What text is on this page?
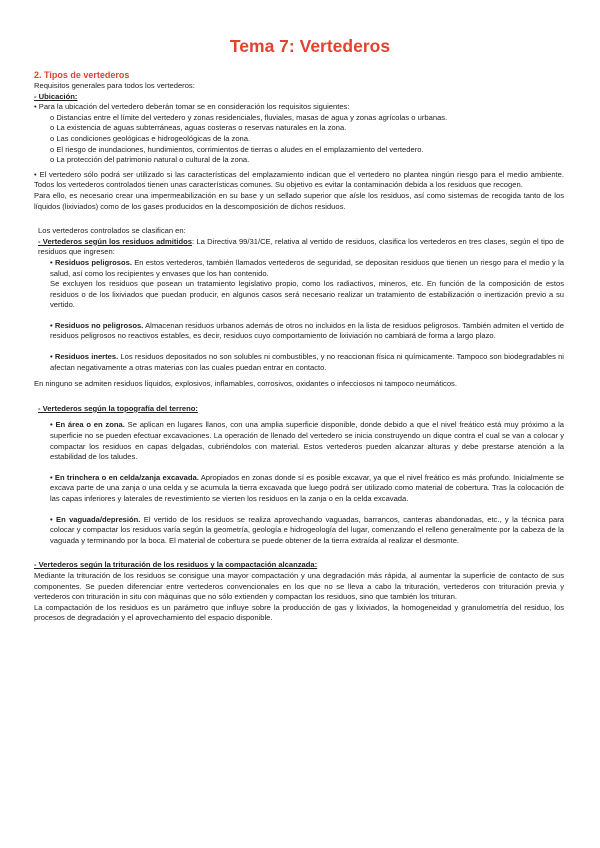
Tema 7: Vertederos
2. Tipos de vertederos

Requisitos generales para todos los vertederos:

- Ubicación:

• Para la ubicación del vertedero deberán tomar se en consideración los requisitos siguientes:

o Distancias entre el límite del vertedero y zonas residenciales, fluviales, masas de agua y zonas agrícolas o urbanas.
o La existencia de aguas subterráneas, aguas costeras o reservas naturales en la zona.
o Las condiciones geológicas e hidrogeológicas de la zona.
o El riesgo de inundaciones, hundimientos, corrimientos de tierras o aludes en el emplazamiento del vertedero.
o La protección del patrimonio natural o cultural de la zona.

• El vertedero sólo podrá ser utilizado si las características del emplazamiento indican que el vertedero no plantea ningún riesgo para el medio ambiente. Todos los vertederos controlados tienen unas características comunes. Su objetivo es evitar la contaminación debida a los residuos que recogen.

Para ello, es necesario crear una impermeabilización en su base y un sellado superior que aísle los residuos, así como sistemas de recogida tanto de los líquidos (lixiviados) como de los gases producidos en la descomposición de dichos residuos.

Los vertederos controlados se clasifican en:

- Vertederos según los residuos admitidos: La Directiva 99/31/CE, relativa al vertido de residuos, clasifica los vertederos en tres clases, según el tipo de residuos que ingresen:

• Residuos peligrosos. En estos vertederos, también llamados vertederos de seguridad, se depositan residuos que tienen un riesgo para el medio y la salud, así como los recipientes y envases que los han contenido.

Se excluyen los residuos que posean un tratamiento legislativo propio, como los radiactivos, mineros, etc. En función de la composición de estos residuos o de los lixiviados que puedan producir, en algunos casos será necesario realizar un tratamiento de estabilización o inertización previo a su vertido.

• Residuos no peligrosos. Almacenan residuos urbanos además de otros no incluidos en la lista de residuos peligrosos. También admiten el vertido de residuos peligrosos no reactivos estables, es decir, residuos cuyo comportamiento de lixiviación no cambiará de forma a largo plazo.

• Residuos inertes. Los residuos depositados no son solubles ni combustibles, y no reaccionan física ni químicamente. Tampoco son biodegradables ni afectan negativamente a otras materias con las cuales puedan entrar en contacto.

En ninguno se admiten residuos líquidos, explosivos, inflamables, corrosivos, oxidantes o infecciosos ni tampoco neumáticos.

- Vertederos según la topografía del terreno:

• En área o en zona. Se aplican en lugares llanos, con una amplia superficie disponible, donde debido a que el nivel freático está muy próximo a la superficie no se pueden efectuar excavaciones. La operación de llenado del vertedero se inicia construyendo un dique contra el cual se van a colocar y compactar los residuos en capas delgadas, cubriéndolos con material. Estos vertederos pueden alcanzar alturas y debe prestarse atención a la estabilidad de los taludes.

• En trinchera o en celda/zanja excavada. Apropiados en zonas donde sí es posible excavar, ya que el nivel freático es más profundo. Inicialmente se excava parte de una zanja o una celda y se acumula la tierra excavada que luego podrá ser utilizado como material de cobertura. Tras la colocación de las capas inferiores y laterales de revestimiento se vierten los residuos en la zanja o en la celda excavada.

• En vaguada/depresión. El vertido de los residuos se realiza aprovechando vaguadas, barrancos, canteras abandonadas, etc., y la técnica para colocar y compactar los residuos varía según la geometría, geología e hidrogeología del lugar, comenzando el relleno generalmente por la cabeza de la vaguada y terminando por la boca. El material de cobertura se puede obtener de la tierra extraída al realizar el desmonte.

- Vertederos según la trituración de los residuos y la compactación alcanzada:

Mediante la trituración de los residuos se consigue una mayor compactación y una degradación más rápida, al aumentar la superficie de contacto de sus componentes. Se pueden diferenciar entre vertederos convencionales en los que no se lleva a cabo la trituración, vertederos con trituración previa y vertederos con trituración in situ con máquinas que no sólo extienden y compactan los residuos, sino que también los trituran.

La compactación de los residuos es un parámetro que influye sobre la producción de gas y lixiviados, la homogeneidad y granulometría del residuo, los procesos de degradación y el aprovechamiento del espacio disponible.
